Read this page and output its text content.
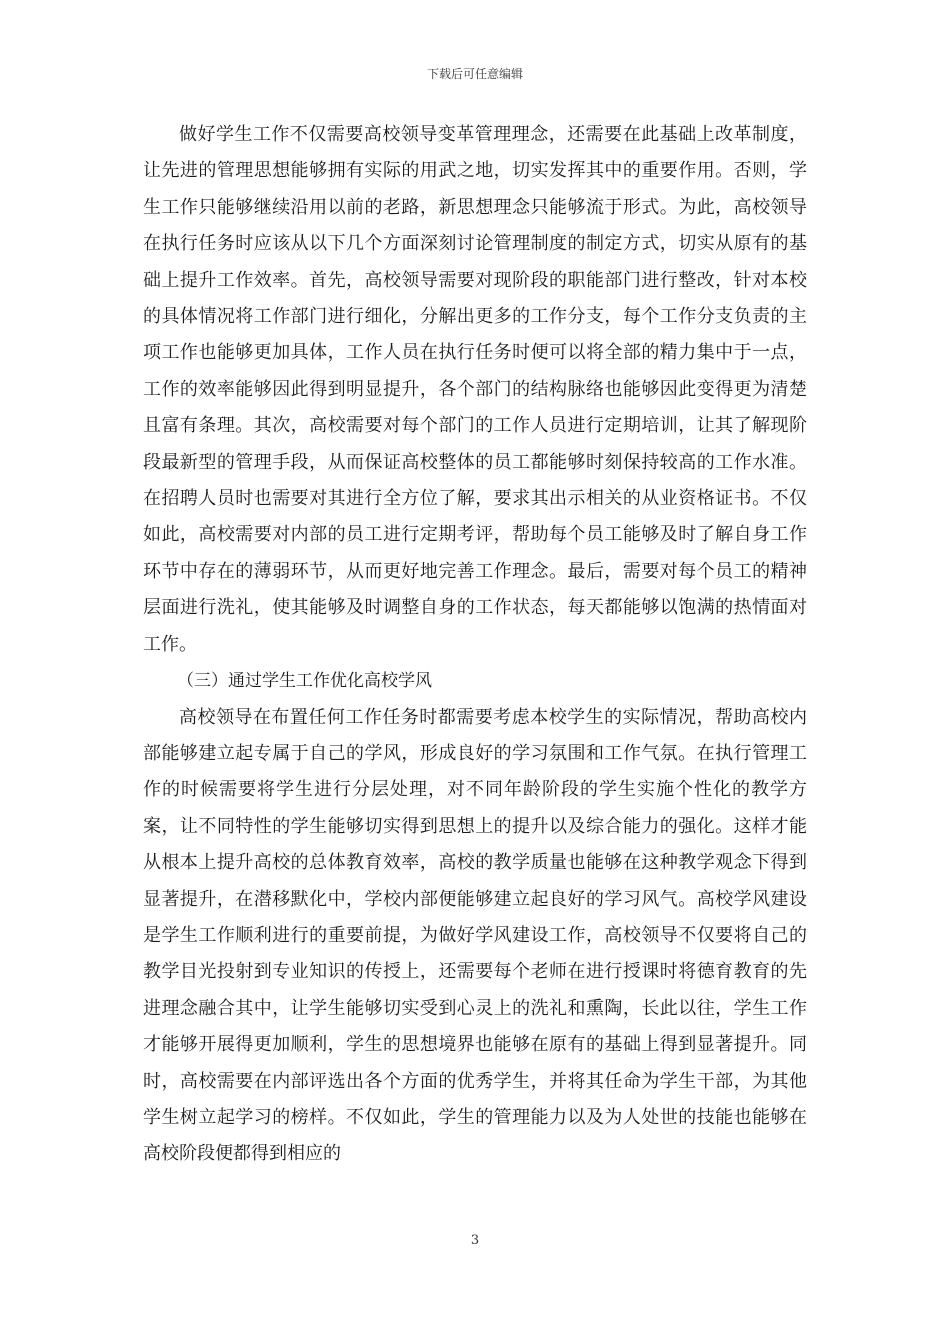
下载后可任意编辑

做好学生工作不仅需要高校领导变革管理理念，还需要在此基础上改革制度，让先进的管理思想能够拥有实际的用武之地，切实发挥其中的重要作用。否则，学生工作只能够继续沿用以前的老路，新思想理念只能够流于形式。为此，高校领导在执行任务时应该从以下几个方面深刻讨论管理制度的制定方式，切实从原有的基础上提升工作效率。首先，高校领导需要对现阶段的职能部门进行整改，针对本校的具体情况将工作部门进行细化，分解出更多的工作分支，每个工作分支负责的主项工作也能够更加具体，工作人员在执行任务时便可以将全部的精力集中于一点，工作的效率能够因此得到明显提升，各个部门的结构脉络也能够因此变得更为清楚且富有条理。其次，高校需要对每个部门的工作人员进行定期培训，让其了解现阶段最新型的管理手段，从而保证高校整体的员工都能够时刻保持较高的工作水准。在招聘人员时也需要对其进行全方位了解，要求其出示相关的从业资格证书。不仅如此，高校需要对内部的员工进行定期考评，帮助每个员工能够及时了解自身工作环节中存在的薄弱环节，从而更好地完善工作理念。最后，需要对每个员工的精神层面进行洗礼，使其能够及时调整自身的工作状态，每天都能够以饱满的热情面对工作。

（三）通过学生工作优化高校学风

高校领导在布置任何工作任务时都需要考虑本校学生的实际情况，帮助高校内部能够建立起专属于自己的学风，形成良好的学习氛围和工作气氛。在执行管理工作的时候需要将学生进行分层处理，对不同年龄阶段的学生实施个性化的教学方案，让不同特性的学生能够切实得到思想上的提升以及综合能力的强化。这样才能从根本上提升高校的总体教育效率，高校的教学质量也能够在这种教学观念下得到显著提升，在潜移默化中，学校内部便能够建立起良好的学习风气。高校学风建设是学生工作顺利进行的重要前提，为做好学风建设工作，高校领导不仅要将自己的教学目光投射到专业知识的传授上，还需要每个老师在进行授课时将德育教育的先进理念融合其中，让学生能够切实受到心灵上的洗礼和熏陶，长此以往，学生工作才能够开展得更加顺利，学生的思想境界也能够在原有的基础上得到显著提升。同时，高校需要在内部评选出各个方面的优秀学生，并将其任命为学生干部，为其他学生树立起学习的榜样。不仅如此，学生的管理能力以及为人处世的技能也能够在高校阶段便都得到相应的

3
